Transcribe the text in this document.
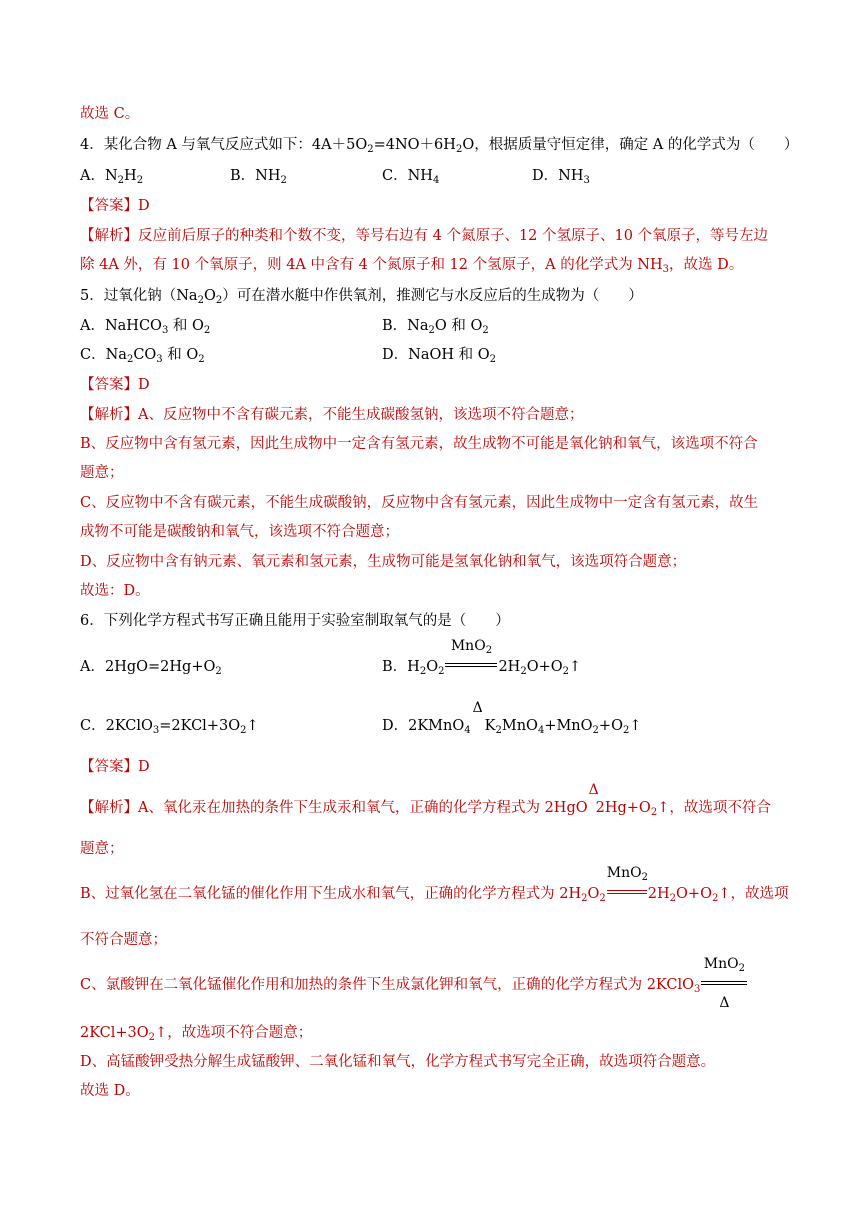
故选 C。
4．某化合物 A 与氧气反应式如下：$4A+5O_2=4NO+6H_2O$，根据质量守恒定律，确定 A 的化学式为（　　）
A．$N_2H_2$	B．$NH_2$	C．$NH_4$	D．$NH_3$
【答案】D
【解析】反应前后原子的种类和个数不变，等号右边有 4 个氮原子、12 个氢原子、10 个氧原子，等号左边
除 4A 外，有 10 个氧原子，则 4A 中含有 4 个氮原子和 12 个氢原子，A 的化学式为 $NH_3$，故选 D。
5．过氧化钠$(Na_2O_2)$可在潜水艇中作供氧剂，推测它与水反应后的生成物为（　　）
A．NaHCO$_3$ 和 $O_2$	B．$Na_2O$ 和 $O_2$
C．$Na_2CO_3$ 和 $O_2$	D．NaOH 和 $O_2$
【答案】D
【解析】A、反应物中不含有碳元素，不能生成碳酸氢钠，该选项不符合题意；
B、反应物中含有氢元素，因此生成物中一定含有氢元素，故生成物不可能是氧化钠和氧气，该选项不符合
题意；
C、反应物中不含有碳元素，不能生成碳酸钠，反应物中含有氢元素，因此生成物中一定含有氢元素，故生
成物不可能是碳酸钠和氧气，该选项不符合题意；
D、反应物中含有钠元素、氧元素和氢元素，生成物可能是氢氧化钠和氧气，该选项符合题意；
故选：D。
6．下列化学方程式书写正确且能用于实验室制取氧气的是（　　）
A．$2HgO=2Hg+O_2$	B．$H_2O_2$
MnO$_2$
$2H_2O+O_2↑$
C．$2KClO_3=2KCl+3O_2↑$	D．2KMnO$_4$
Δ
$K_2MnO_4+MnO_2+O_2↑$
【答案】D
【解析】A、氧化汞在加热的条件下生成汞和氧气，正确的化学方程式为 2HgO
Δ
$2Hg+O_2↑$，故选项不符合
题意；
B、过氧化氢在二氧化锰的催化作用下生成水和氧气，正确的化学方程式为 $2H_2O_2$
MnO$_2$
$2H_2O+O_2↑$，故选项
不符合题意；
C、氯酸钾在二氧化锰催化作用和加热的条件下生成氯化钾和氧气，正确的化学方程式为 2KClO$_3$
MnO$_2$
Δ
$2KCl+3O_2↑$，故选项不符合题意；
D、高锰酸钾受热分解生成锰酸钾、二氧化锰和氧气，化学方程式书写完全正确，故选项符合题意。
故选 D。
